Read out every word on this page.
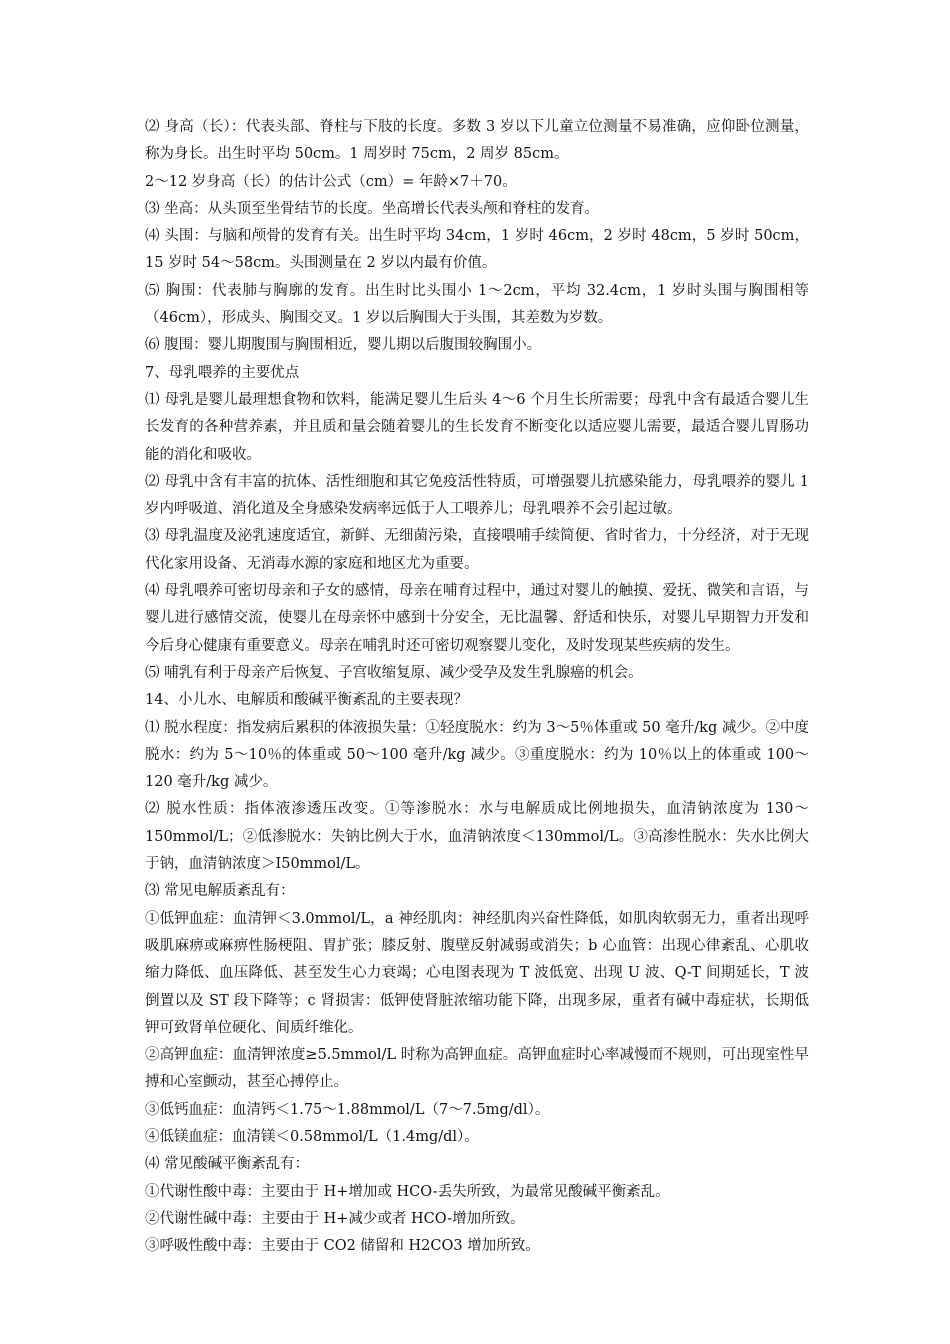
⑵ 身高（长）：代表头部、脊柱与下肢的长度。多数 3 岁以下儿童立位测量不易准确，应仰卧位测量，称为身长。出生时平均 50cm。1 周岁时 75cm，2 周岁 85cm。

2～12 岁身高（长）的估计公式（cm）= 年龄×7＋70。

⑶ 坐高：从头顶至坐骨结节的长度。坐高增长代表头颅和脊柱的发育。

⑷ 头围：与脑和颅骨的发育有关。出生时平均 34cm，1 岁时 46cm，2 岁时 48cm，5 岁时 50cm，15 岁时 54～58cm。头围测量在 2 岁以内最有价值。

⑸ 胸围：代表肺与胸廓的发育。出生时比头围小 1～2cm，平均 32.4cm，1 岁时头围与胸围相等（46cm），形成头、胸围交叉。1 岁以后胸围大于头围，其差数为岁数。

⑹ 腹围：婴儿期腹围与胸围相近，婴儿期以后腹围较胸围小。

7、母乳喂养的主要优点

⑴ 母乳是婴儿最理想食物和饮料，能满足婴儿生后头 4～6 个月生长所需要；母乳中含有最适合婴儿生长发育的各种营养素，并且质和量会随着婴儿的生长发育不断变化以适应婴儿需要，最适合婴儿胃肠功能的消化和吸收。

⑵ 母乳中含有丰富的抗体、活性细胞和其它免疫活性特质，可增强婴儿抗感染能力，母乳喂养的婴儿 1 岁内呼吸道、消化道及全身感染发病率远低于人工喂养儿；母乳喂养不会引起过敏。

⑶ 母乳温度及泌乳速度适宜，新鲜、无细菌污染，直接喂哺手续简便、省时省力，十分经济，对于无现代化家用设备、无消毒水源的家庭和地区尤为重要。

⑷ 母乳喂养可密切母亲和子女的感情，母亲在哺育过程中，通过对婴儿的触摸、爱抚、微笑和言语，与婴儿进行感情交流，使婴儿在母亲怀中感到十分安全，无比温馨、舒适和快乐，对婴儿早期智力开发和今后身心健康有重要意义。母亲在哺乳时还可密切观察婴儿变化，及时发现某些疾病的发生。

⑸ 哺乳有利于母亲产后恢复、子宫收缩复原、减少受孕及发生乳腺癌的机会。

14、小儿水、电解质和酸碱平衡紊乱的主要表现？

⑴ 脱水程度：指发病后累积的体液损失量：①轻度脱水：约为 3～5％体重或 50 毫升/kg 减少。②中度脱水：约为 5～10％的体重或 50～100 毫升/kg 减少。③重度脱水：约为 10％以上的体重或 100～120 毫升/kg 减少。

⑵ 脱水性质：指体液渗透压改变。①等渗脱水：水与电解质成比例地损失，血清钠浓度为 130～150mmol/L；②低渗脱水：失钠比例大于水，血清钠浓度＜130mmol/L。③高渗性脱水：失水比例大于钠，血清钠浓度＞I50mmol/L。

⑶ 常见电解质紊乱有：

①低钾血症：血清钾＜3.0mmol/L，a 神经肌肉：神经肌肉兴奋性降低，如肌肉软弱无力，重者出现呼吸肌麻痹或麻痹性肠梗阻、胃扩张；膝反射、腹壁反射减弱或消失；b 心血管：出现心律紊乱、心肌收缩力降低、血压降低、甚至发生心力衰竭；心电图表现为 T 波低宽、出现 U 波、Q-T 间期延长，T 波倒置以及 ST 段下降等；c 肾损害：低钾使肾脏浓缩功能下降，出现多尿，重者有碱中毒症状，长期低钾可致肾单位硬化、间质纤维化。

②高钾血症：血清钾浓度≥5.5mmol/L 时称为高钾血症。高钾血症时心率减慢而不规则，可出现室性早搏和心室颤动，甚至心搏停止。

③低钙血症：血清钙＜1.75～1.88mmol/L（7～7.5mg/dl）。

④低镁血症：血清镁＜0.58mmol/L（1.4mg/dl）。

⑷ 常见酸碱平衡紊乱有：

①代谢性酸中毒：主要由于 H+增加或 HCO-丢失所致，为最常见酸碱平衡紊乱。

②代谢性碱中毒：主要由于 H+减少或者 HCO-增加所致。

③呼吸性酸中毒：主要由于 CO2 储留和 H2CO3 增加所致。
